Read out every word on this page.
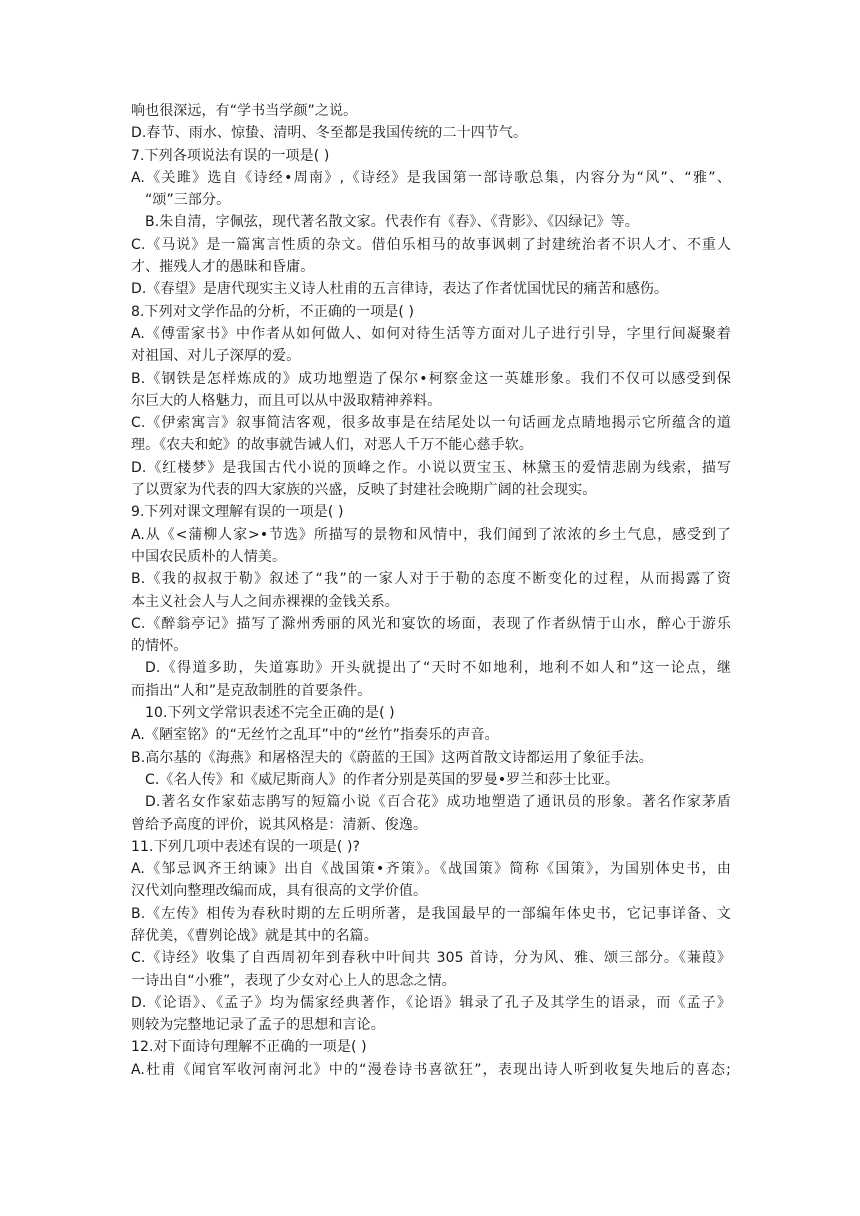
响也很深远，有“学书当学颜”之说。
D.春节、雨水、惊蛰、清明、冬至都是我国传统的二十四节气。
7.下列各项说法有误的一项是( )
A.《关雎》选自《诗经•周南》,《诗经》是我国第一部诗歌总集，内容分为“风”、“雅”、
“颂”三部分。
B.朱自清，字佩弦，现代著名散文家。代表作有《春》、《背影》、《囚绿记》等。
C.《马说》是一篇寓言性质的杂文。借伯乐相马的故事讽刺了封建统治者不识人才、不重人
才、摧残人才的愚昧和昏庸。
D.《春望》是唐代现实主义诗人杜甫的五言律诗，表达了作者忧国忧民的痛苦和感伤。
8.下列对文学作品的分析，不正确的一项是( )
A.《傅雷家书》中作者从如何做人、如何对待生活等方面对儿子进行引导，字里行间凝聚着
对祖国、对儿子深厚的爱。
B.《钢铁是怎样炼成的》成功地塑造了保尔•柯察金这一英雄形象。我们不仅可以感受到保
尔巨大的人格魅力，而且可以从中汲取精神养料。
C.《伊索寓言》叙事简洁客观，很多故事是在结尾处以一句话画龙点睛地揭示它所蕴含的道
理。《农夫和蛇》的故事就告诫人们，对恶人千万不能心慈手软。
D.《红楼梦》是我国古代小说的顶峰之作。小说以贾宝玉、林黛玉的爱情悲剧为线索，描写
了以贾家为代表的四大家族的兴盛，反映了封建社会晚期广阔的社会现实。
9.下列对课文理解有误的一项是( )
A.从《<蒲柳人家>•节选》所描写的景物和风情中，我们闻到了浓浓的乡土气息，感受到了
中国农民质朴的人情美。
B.《我的叔叔于勒》叙述了“我”的一家人对于于勒的态度不断变化的过程，从而揭露了资
本主义社会人与人之间赤裸裸的金钱关系。
C.《醉翁亭记》描写了滁州秀丽的风光和宴饮的场面，表现了作者纵情于山水，醉心于游乐
的情怀。
D.《得道多助，失道寡助》开头就提出了“天时不如地利，地利不如人和”这一论点，继
而指出“人和”是克敌制胜的首要条件。
10.下列文学常识表述不完全正确的是( )
A.《陋室铭》的“无丝竹之乱耳”中的“丝竹”指奏乐的声音。
B.高尔基的《海燕》和屠格涅夫的《蔚蓝的王国》这两首散文诗都运用了象征手法。
C.《名人传》和《威尼斯商人》的作者分别是英国的罗曼•罗兰和莎士比亚。
D.著名女作家茹志鹃写的短篇小说《百合花》成功地塑造了通讯员的形象。著名作家茅盾
曾给予高度的评价，说其风格是：清新、俊逸。
11.下列几项中表述有误的一项是( )?
A.《邹忌讽齐王纳谏》出自《战国策•齐策》。《战国策》简称《国策》，为国别体史书，由
汉代刘向整理改编而成，具有很高的文学价值。
B.《左传》相传为春秋时期的左丘明所著，是我国最早的一部编年体史书，它记事详备、文
辞优美，《曹刿论战》就是其中的名篇。
C.《诗经》收集了自西周初年到春秋中叶间共 305 首诗，分为风、雅、颂三部分。《蒹葭》
一诗出自“小雅”，表现了少女对心上人的思念之情。
D.《论语》、《孟子》均为儒家经典著作，《论语》辑录了孔子及其学生的语录，而《孟子》
则较为完整地记录了孟子的思想和言论。
12.对下面诗句理解不正确的一项是( )
A.杜甫《闻官军收河南河北》中的“漫卷诗书喜欲狂”，表现出诗人听到收复失地后的喜态;
